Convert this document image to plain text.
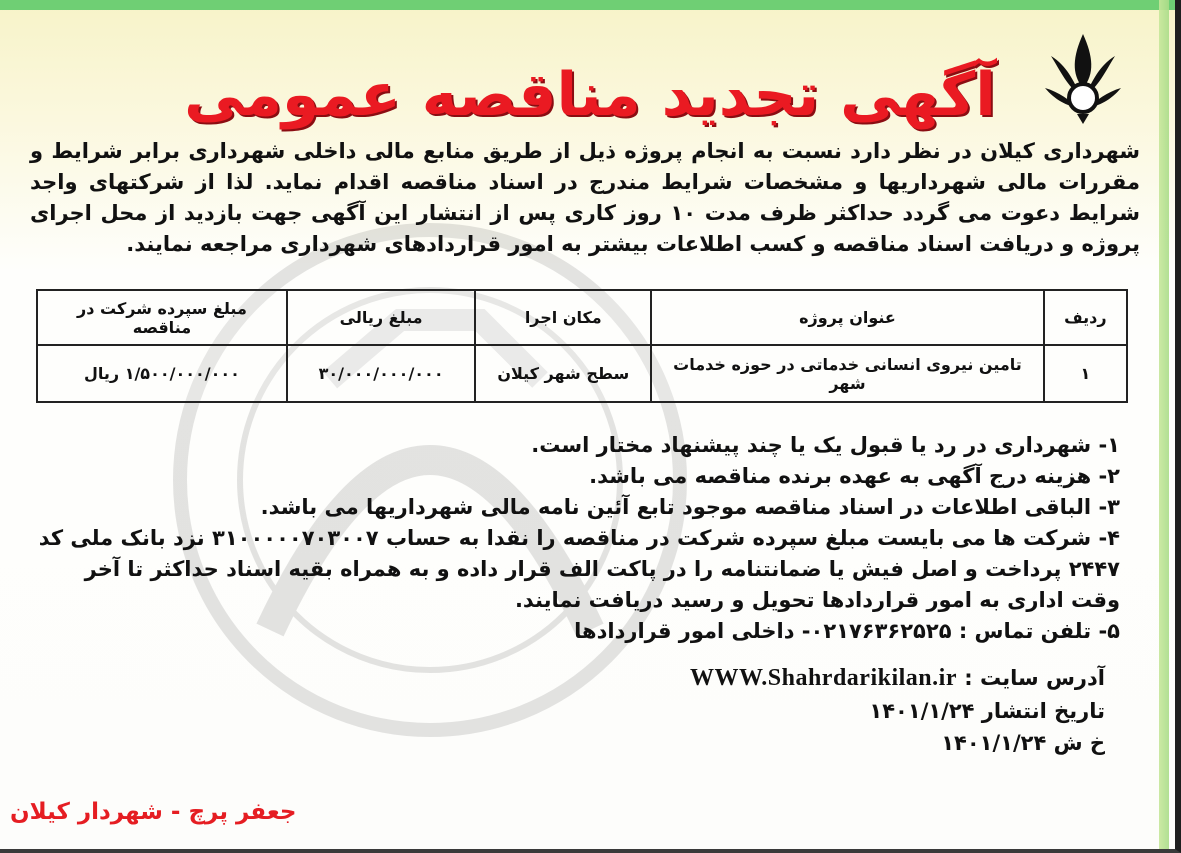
آگهی تجدید مناقصه عمومی
شهرداری کیلان در نظر دارد نسبت به انجام پروژه ذیل از طریق منابع مالی داخلی شهرداری برابر شرایط و مقررات مالی شهرداریها و مشخصات شرایط مندرج در اسناد مناقصه اقدام نماید. لذا از شرکتهای واجد شرایط دعوت می گردد حداکثر ظرف مدت ۱۰ روز کاری پس از انتشار این آگهی جهت بازدید از محل اجرای پروژه و دریافت اسناد مناقصه و کسب اطلاعات بیشتر به امور قراردادهای شهرداری مراجعه نمایند.
ردیف	عنوان پروژه	مکان اجرا	مبلغ ریالی	مبلغ سپرده شرکت در مناقصه
۱	تامین نیروی انسانی خدماتی در حوزه خدمات شهر	سطح شهر کیلان	۳۰/۰۰۰/۰۰۰/۰۰۰	۱/۵۰۰/۰۰۰/۰۰۰ ریال

۱- شهرداری در رد یا قبول یک یا چند پیشنهاد مختار است.

۲- هزینه درج آگهی به عهده برنده مناقصه می باشد.

۳- الباقی اطلاعات در اسناد مناقصه موجود تابع آئین نامه مالی شهرداریها می باشد.

۴- شرکت ها می بایست مبلغ سپرده شرکت در مناقصه را نقدا به حساب ۳۱۰۰۰۰۰۷۰۳۰۰۷ نزد بانک ملی کد ۲۴۴۷ پرداخت و اصل فیش یا ضمانتنامه را در پاکت الف قرار داده و به همراه بقیه اسناد حداکثر تا آخر وقت اداری به امور قراردادها تحویل و رسید دریافت نمایند.

۵- تلفن تماس : ۰۲۱۷۶۳۶۲۵۲۵- داخلی امور قراردادها

آدرس سایت : WWW.Shahrdarikilan.ir

تاریخ انتشار ۱۴۰۱/۱/۲۴

خ ش ۱۴۰۱/۱/۲۴

جعفر پرچ - شهردار کیلان
